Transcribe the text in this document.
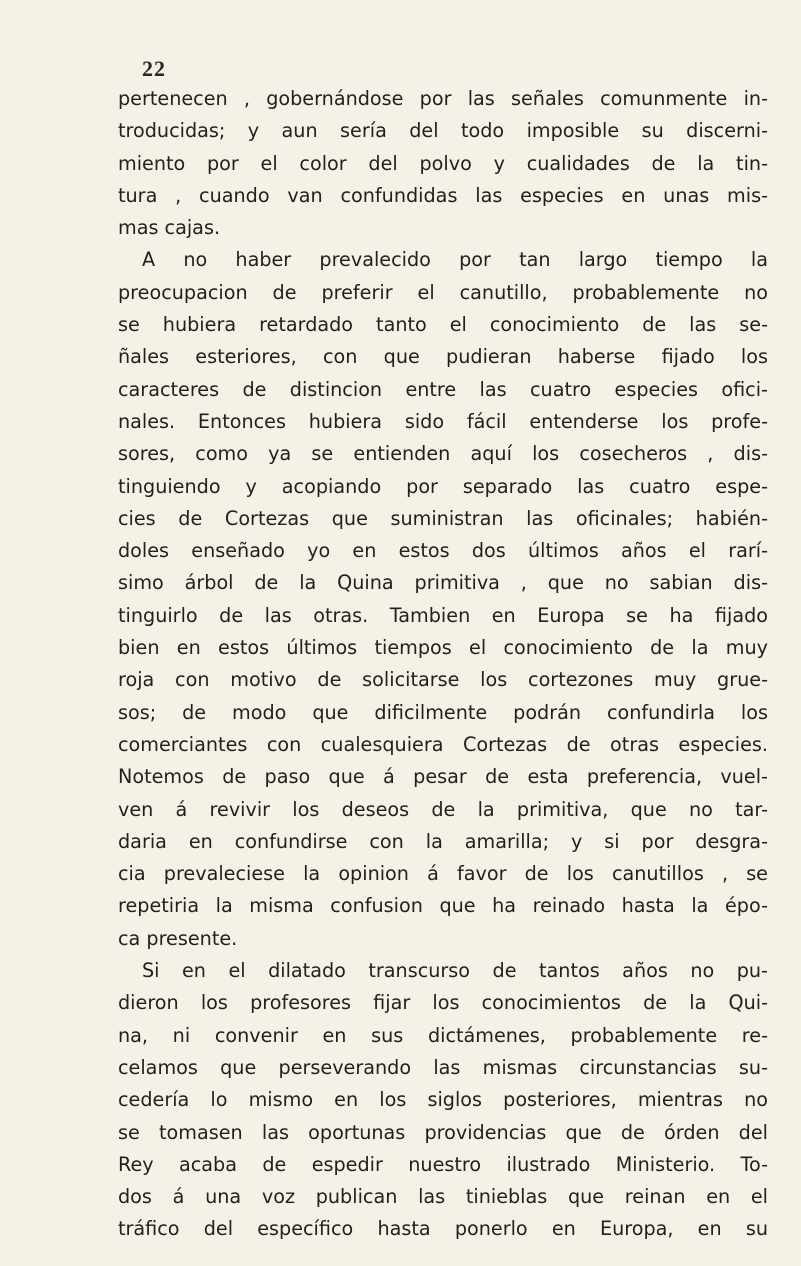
22
pertenecen , gobernándose por las señales comunmente in-
troducidas; y aun sería del todo imposible su discerni-
miento por el color del polvo y cualidades de la tin-
tura , cuando van confundidas las especies en unas mis-
mas cajas.
A no haber prevalecido por tan largo tiempo la
preocupacion de preferir el canutillo, probablemente no
se hubiera retardado tanto el conocimiento de las se-
ñales esteriores, con que pudieran haberse fijado los
caracteres de distincion entre las cuatro especies ofici-
nales. Entonces hubiera sido fácil entenderse los profe-
sores, como ya se entienden aquí los cosecheros , dis-
tinguiendo y acopiando por separado las cuatro espe-
cies de Cortezas que suministran las oficinales; habién-
doles enseñado yo en estos dos últimos años el rarí-
simo árbol de la Quina primitiva , que no sabian dis-
tinguirlo de las otras. Tambien en Europa se ha fijado
bien en estos últimos tiempos el conocimiento de la muy
roja con motivo de solicitarse los cortezones muy grue-
sos; de modo que dificilmente podrán confundirla los
comerciantes con cualesquiera Cortezas de otras especies.
Notemos de paso que á pesar de esta preferencia, vuel-
ven á revivir los deseos de la primitiva, que no tar-
daria en confundirse con la amarilla; y si por desgra-
cia prevaleciese la opinion á favor de los canutillos , se
repetiria la misma confusion que ha reinado hasta la épo-
ca presente.
Si en el dilatado transcurso de tantos años no pu-
dieron los profesores fijar los conocimientos de la Qui-
na, ni convenir en sus dictámenes, probablemente re-
celamos que perseverando las mismas circunstancias su-
cedería lo mismo en los siglos posteriores, mientras no
se tomasen las oportunas providencias que de órden del
Rey acaba de espedir nuestro ilustrado Ministerio. To-
dos á una voz publican las tinieblas que reinan en el
tráfico del específico hasta ponerlo en Europa, en su
